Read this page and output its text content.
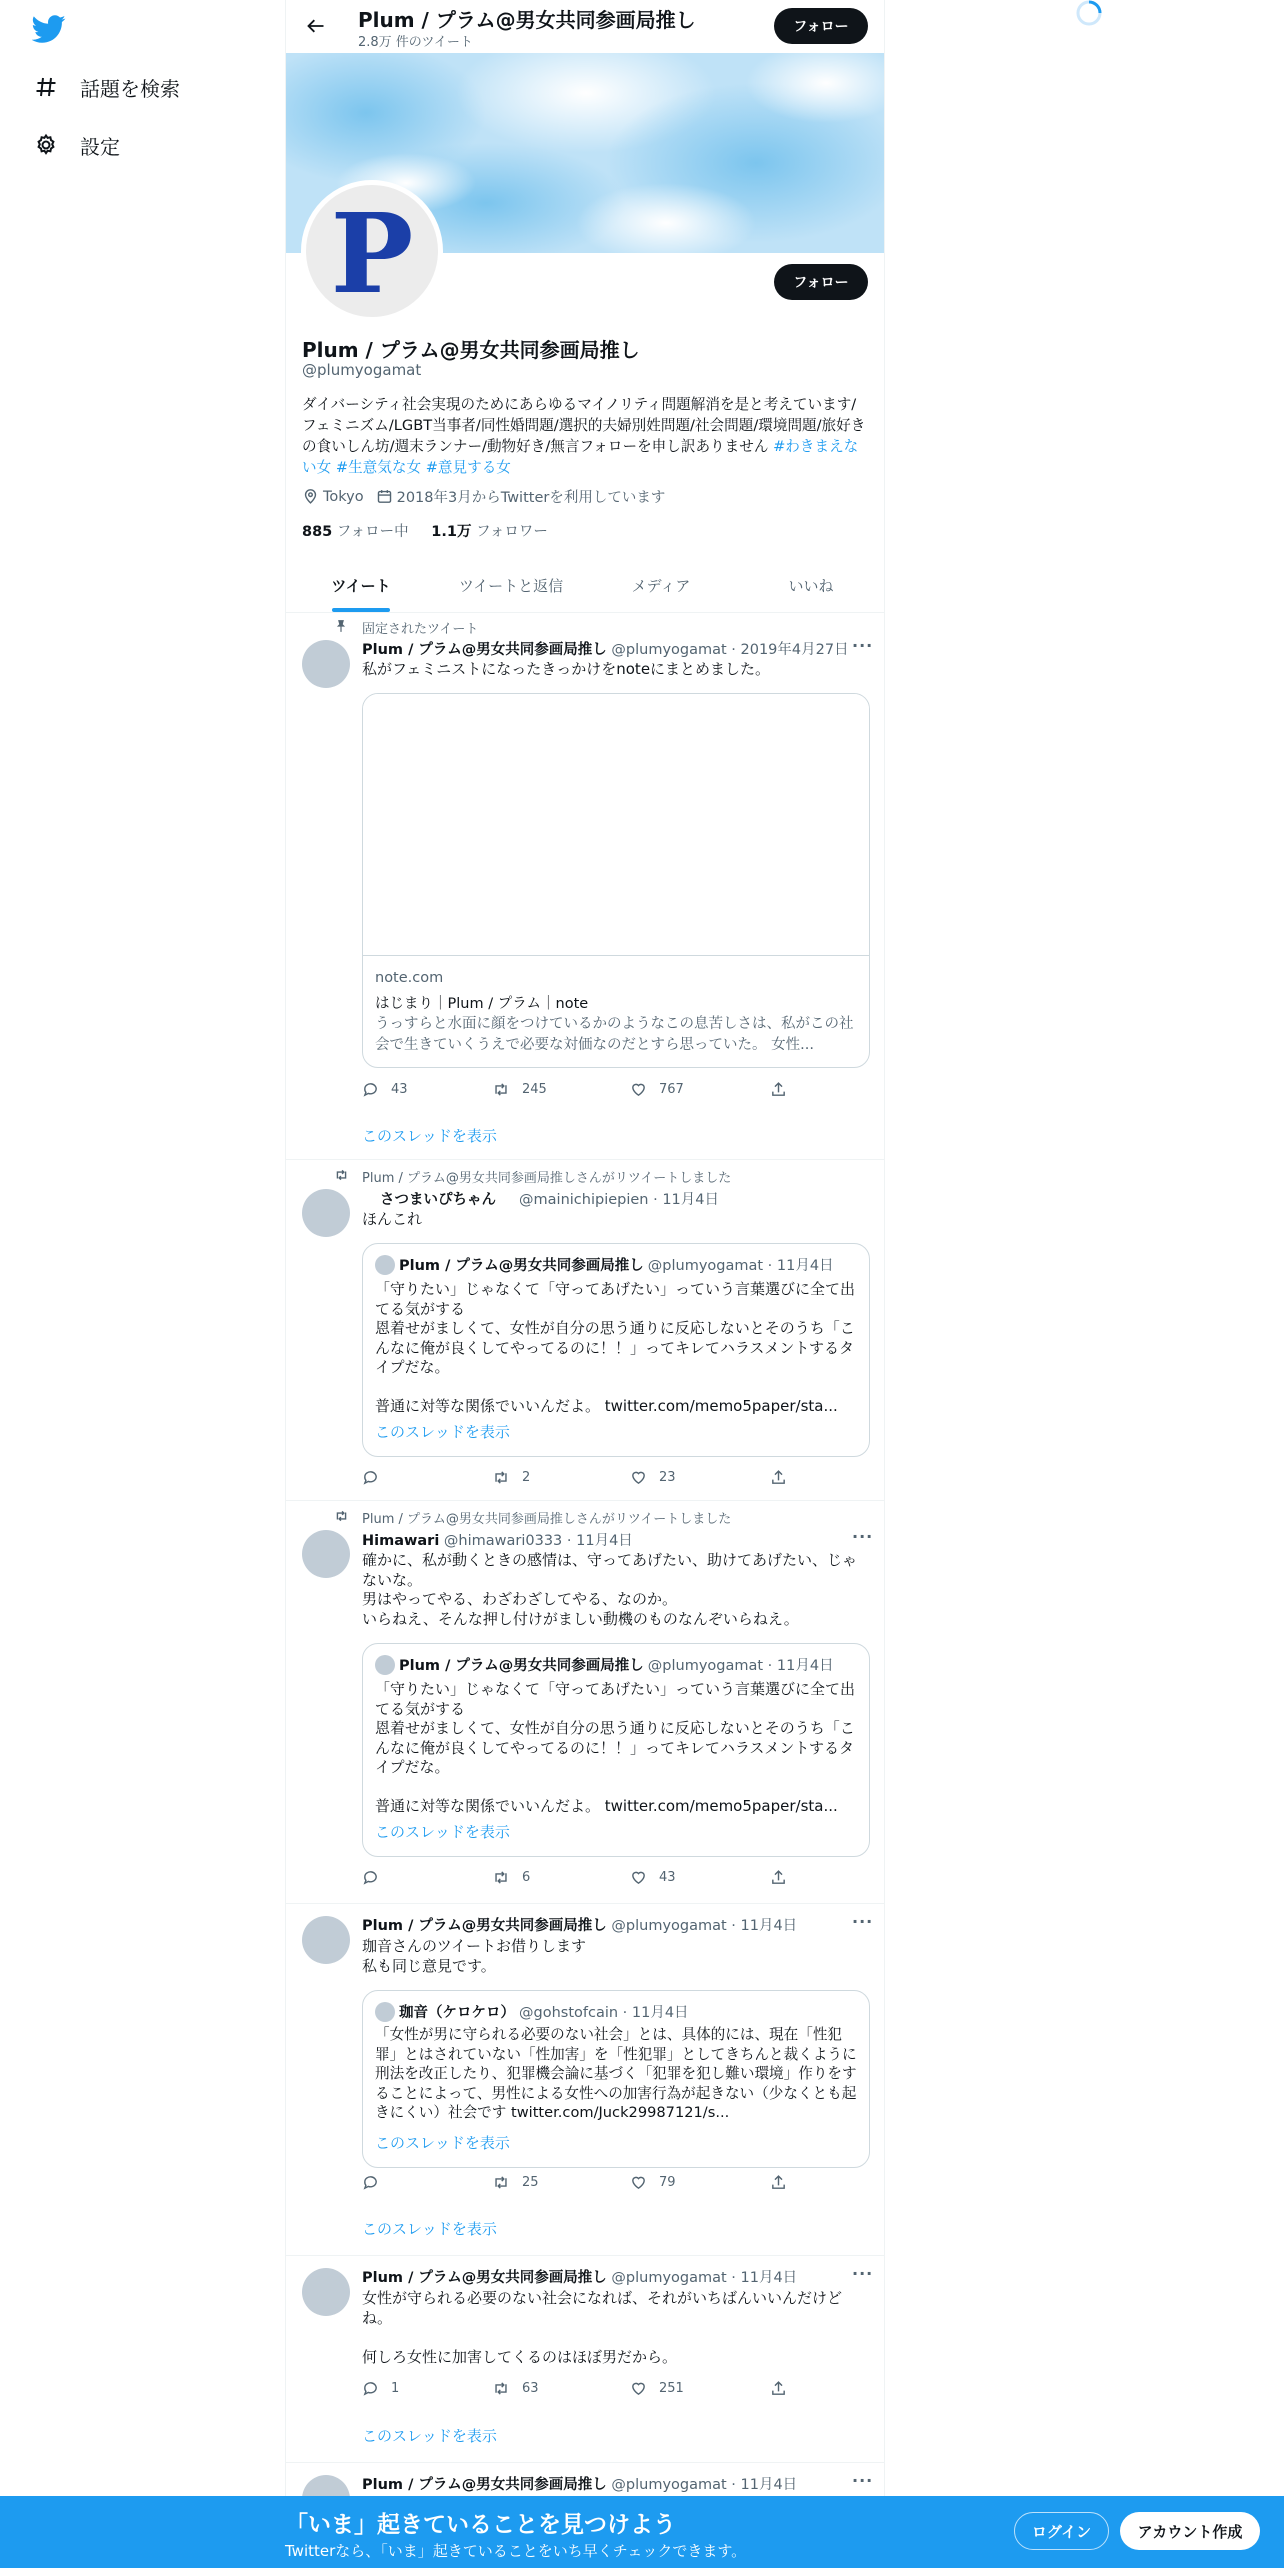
話題を検索
設定
Plum / プラム@男女共同参画局推し
2.8万 件のツイート
フォロー
P	フォロー
Plum / プラム@男女共同参画局推し
@plumyogamat
ダイバーシティ社会実現のためにあらゆるマイノリティ問題解消を是と考えています/フェミニズム/LGBT当事者/同性婚問題/選択的夫婦別姓問題/社会問題/環境問題/旅好きの食いしん坊/週末ランナー/動物好き/無言フォローを申し訳ありません #わきまえない女 #生意気な女 #意見する女
Tokyo 2018年3月からTwitterを利用しています
885 フォロー中 1.1万 フォロワー
ツイート	ツイートと返信	メディア	いいね
固定されたツイート
Plum / プラム@男女共同参画局推し @plumyogamat · 2019年4月27日 ···
私がフェミニストになったきっかけをnoteにまとめました。
note.com
はじまり｜Plum / プラム｜note
うっすらと水面に顔をつけているかのようなこの息苦しさは、私がこの社会で生きていくうえで必要な対価なのだとすら思っていた。 女性...
43	245	767
このスレッドを表示
Plum / プラム@男女共同参画局推しさんがリツイートしました
さつまいぴちゃん @mainichipiepien · 11月4日
ほんこれ
Plum / プラム@男女共同参画局推し @plumyogamat · 11月4日
「守りたい」じゃなくて「守ってあげたい」っていう言葉選びに全て出てる気がする
恩着せがましくて、女性が自分の思う通りに反応しないとそのうち「こんなに俺が良くしてやってるのに！！」ってキレてハラスメントするタイプだな。

普通に対等な関係でいいんだよ。 twitter.com/memo5paper/sta...
このスレッドを表示
2	23
Plum / プラム@男女共同参画局推しさんがリツイートしました
Himawari @himawari0333 · 11月4日	···
確かに、私が動くときの感情は、守ってあげたい、助けてあげたい、じゃないな。
男はやってやる、わざわざしてやる、なのか。
いらねえ、そんな押し付けがましい動機のものなんぞいらねえ。
Plum / プラム@男女共同参画局推し @plumyogamat · 11月4日
「守りたい」じゃなくて「守ってあげたい」っていう言葉選びに全て出てる気がする
恩着せがましくて、女性が自分の思う通りに反応しないとそのうち「こんなに俺が良くしてやってるのに！！」ってキレてハラスメントするタイプだな。

普通に対等な関係でいいんだよ。 twitter.com/memo5paper/sta...
このスレッドを表示
6	43
Plum / プラム@男女共同参画局推し @plumyogamat · 11月4日	···
珈音さんのツイートお借りします
私も同じ意見です。
珈音（ケロケロ） @gohstofcain · 11月4日
「女性が男に守られる必要のない社会」とは、具体的には、現在「性犯罪」とはされていない「性加害」を「性犯罪」としてきちんと裁くように刑法を改正したり、犯罪機会論に基づく「犯罪を犯し難い環境」作りをすることによって、男性による女性への加害行為が起きない（少なくとも起きにくい）社会です twitter.com/Juck29987121/s...
このスレッドを表示
25	79
このスレッドを表示
Plum / プラム@男女共同参画局推し @plumyogamat · 11月4日	···
女性が守られる必要のない社会になれば、それがいちばんいいんだけどね。

何しろ女性に加害してくるのはほぼ男だから。
1	63	251
このスレッドを表示
Plum / プラム@男女共同参画局推し @plumyogamat · 11月4日	···
「いま」起きていることを見つけよう
Twitterなら、「いま」起きていることをいち早くチェックできます。
ログイン	アカウント作成
